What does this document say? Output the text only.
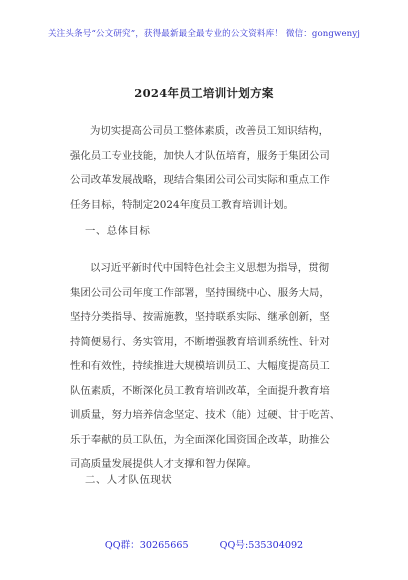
关注头条号“公文研究”，获得最新最全最专业的公文资料库！ 微信：gongwenyj
2024年员工培训计划方案
为切实提高公司员工整体素质，改善员工知识结构，
强化员工专业技能，加快人才队伍培育，服务于集团公司
公司改革发展战略，现结合集团公司公司实际和重点工作
任务目标，特制定2024年度员工教育培训计划。
一、总体目标
以习近平新时代中国特色社会主义思想为指导，贯彻
集团公司公司年度工作部署，坚持围绕中心、服务大局，
坚持分类指导、按需施教，坚持联系实际、继承创新，坚
持简便易行、务实管用，不断增强教育培训系统性、针对
性和有效性，持续推进大规模培训员工、大幅度提高员工
队伍素质，不断深化员工教育培训改革，全面提升教育培
训质量，努力培养信念坚定、技术（能）过硬、甘于吃苦、
乐于奉献的员工队伍，为全面深化国资国企改革，助推公
司高质量发展提供人才支撑和智力保障。
二、人才队伍现状
QQ群：30265665	QQ号:535304092
